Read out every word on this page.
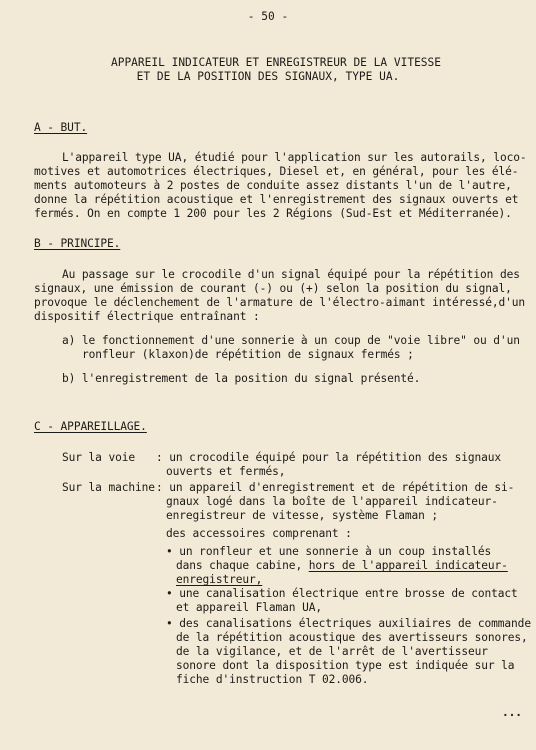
- 50 -
APPAREIL INDICATEUR ET ENREGISTREUR DE LA VITESSE
ET DE LA POSITION DES SIGNAUX, TYPE UA.
A - BUT.
L'appareil type UA, étudié pour l'application sur les autorails, loco-
motives et automotrices électriques, Diesel et, en général, pour les élé-
ments automoteurs à 2 postes de conduite assez distants l'un de l'autre,
donne la répétition acoustique et l'enregistrement des signaux ouverts et
fermés. On en compte 1 200 pour les 2 Régions (Sud-Est et Méditerranée).
B - PRINCIPE.
Au passage sur le crocodile d'un signal équipé pour la répétition des
signaux, une émission de courant (-) ou (+) selon la position du signal,
provoque le déclenchement de l'armature de l'électro-aimant intéressé,d'un
dispositif électrique entraînant :
a) le fonctionnement d'une sonnerie à un coup de "voie libre" ou d'un
ronfleur (klaxon)de répétition de signaux fermés ;
b) l'enregistrement de la position du signal présenté.
C - APPAREILLAGE.
Sur la voie : un crocodile équipé pour la répétition des signaux
ouverts et fermés,
Sur la machine : un appareil d'enregistrement et de répétition de si-
gnaux logé dans la boîte de l'appareil indicateur-
enregistreur de vitesse, système Flaman ;
des accessoires comprenant :
• un ronfleur et une sonnerie à un coup installés
dans chaque cabine, hors de l'appareil indicateur-
enregistreur,
• une canalisation électrique entre brosse de contact
et appareil Flaman UA,
• des canalisations électriques auxiliaires de commande
de la répétition acoustique des avertisseurs sonores,
de la vigilance, et de l'arrêt de l'avertisseur
sonore dont la disposition type est indiquée sur la
fiche d'instruction T 02.006.
...
